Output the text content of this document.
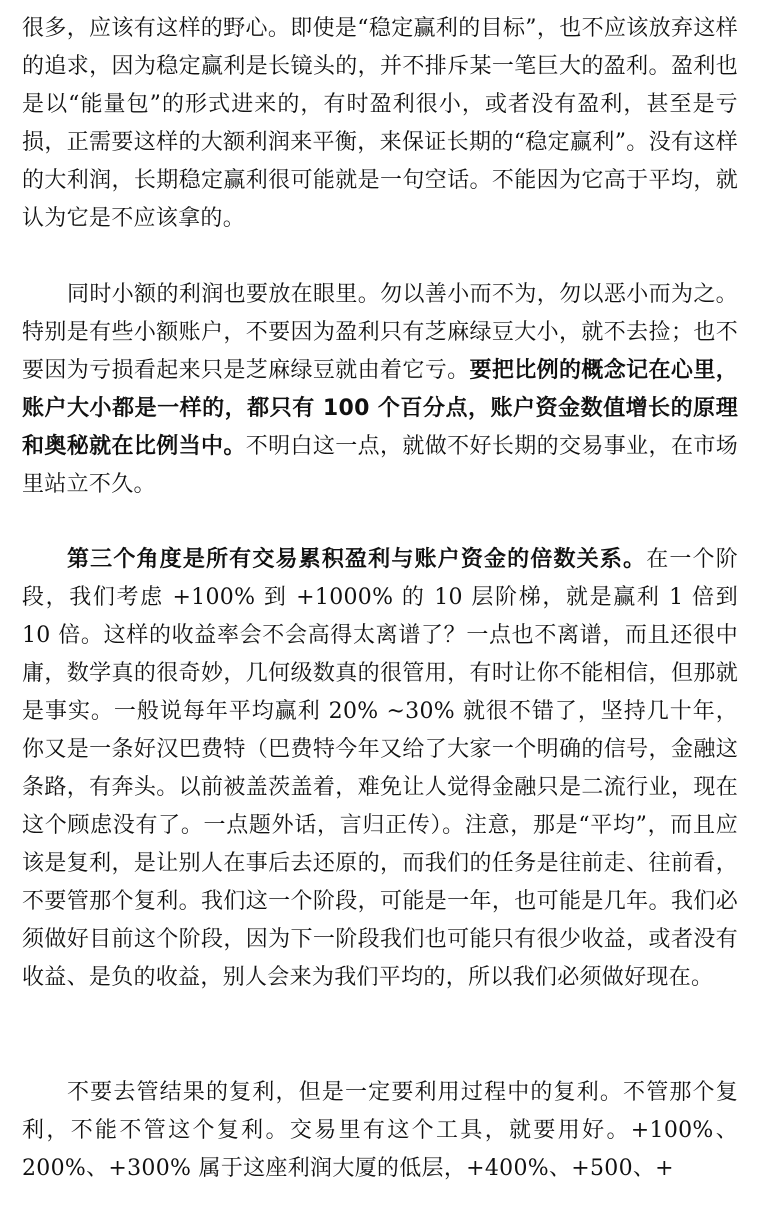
很多，应该有这样的野心。即使是“稳定赢利的目标”，也不应该放弃这样的追求，因为稳定赢利是长镜头的，并不排斥某一笔巨大的盈利。盈利也是以“能量包”的形式进来的，有时盈利很小，或者没有盈利，甚至是亏损，正需要这样的大额利润来平衡，来保证长期的“稳定赢利”。没有这样的大利润，长期稳定赢利很可能就是一句空话。不能因为它高于平均，就认为它是不应该拿的。

同时小额的利润也要放在眼里。勿以善小而不为，勿以恶小而为之。特别是有些小额账户，不要因为盈利只有芝麻绿豆大小，就不去捡；也不要因为亏损看起来只是芝麻绿豆就由着它亏。要把比例的概念记在心里，账户大小都是一样的，都只有 100 个百分点，账户资金数值增长的原理和奥秘就在比例当中。不明白这一点，就做不好长期的交易事业，在市场里站立不久。

第三个角度是所有交易累积盈利与账户资金的倍数关系。在一个阶段，我们考虑 +100% 到 +1000% 的 10 层阶梯，就是赢利 1 倍到 10 倍。这样的收益率会不会高得太离谱了？一点也不离谱，而且还很中庸，数学真的很奇妙，几何级数真的很管用，有时让你不能相信，但那就是事实。一般说每年平均赢利 20% ~30% 就很不错了，坚持几十年，你又是一条好汉巴费特（巴费特今年又给了大家一个明确的信号，金融这条路，有奔头。以前被盖茨盖着，难免让人觉得金融只是二流行业，现在这个顾虑没有了。一点题外话，言归正传）。注意，那是“平均”，而且应该是复利，是让别人在事后去还原的，而我们的任务是往前走、往前看，不要管那个复利。我们这一个阶段，可能是一年，也可能是几年。我们必须做好目前这个阶段，因为下一阶段我们也可能只有很少收益，或者没有收益、是负的收益，别人会来为我们平均的，所以我们必须做好现在。

不要去管结果的复利，但是一定要利用过程中的复利。不管那个复利，不能不管这个复利。交易里有这个工具，就要用好。+100%、200%、+300% 属于这座利润大厦的低层，+400%、+500、+
